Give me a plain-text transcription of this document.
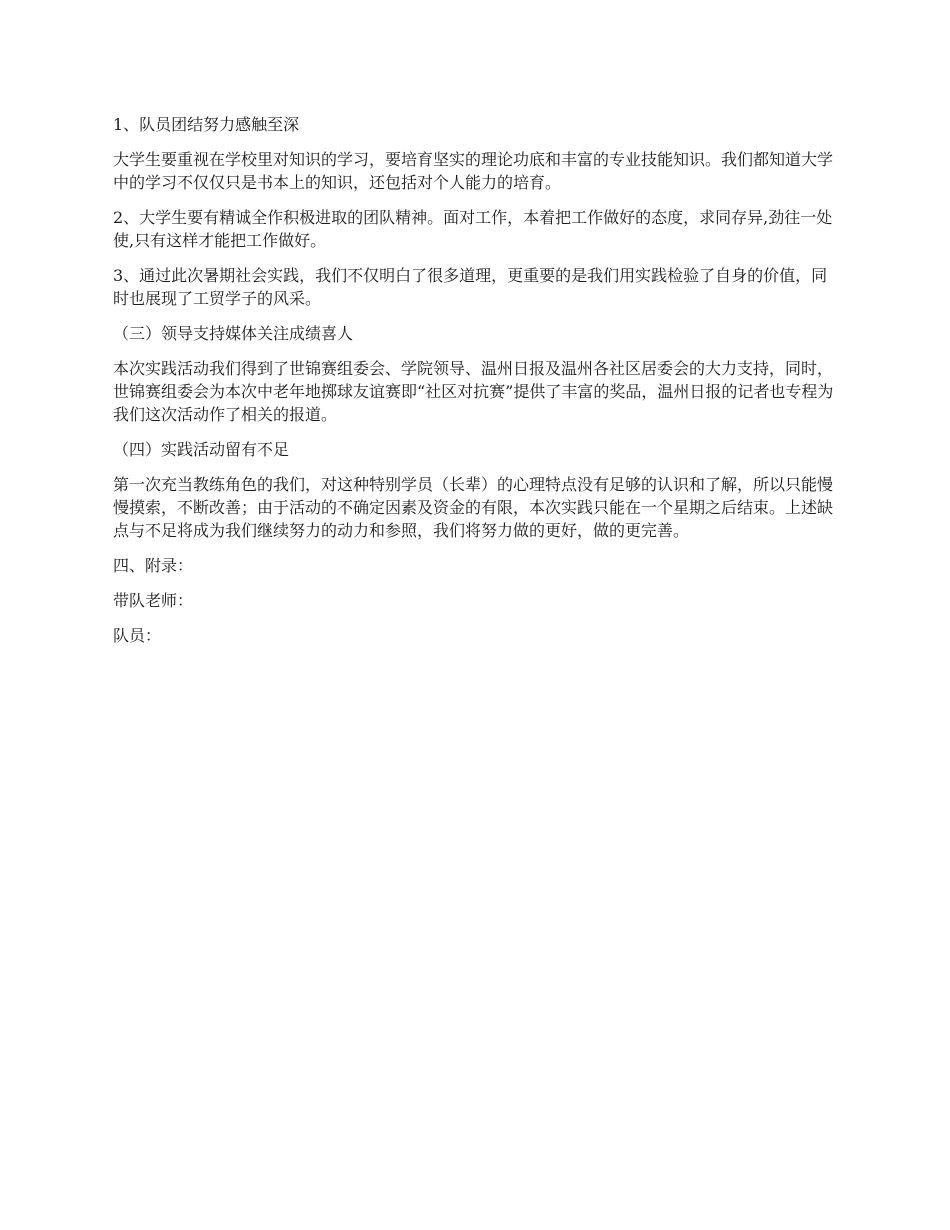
1、队员团结努力感触至深

大学生要重视在学校里对知识的学习，要培育坚实的理论功底和丰富的专业技能知识。我们都知道大学中的学习不仅仅只是书本上的知识，还包括对个人能力的培育。

2、大学生要有精诚全作积极进取的团队精神。面对工作，本着把工作做好的态度，求同存异,劲往一处使,只有这样才能把工作做好。

3、通过此次暑期社会实践，我们不仅明白了很多道理，更重要的是我们用实践检验了自身的价值，同时也展现了工贸学子的风采。

（三）领导支持媒体关注成绩喜人

本次实践活动我们得到了世锦赛组委会、学院领导、温州日报及温州各社区居委会的大力支持，同时，世锦赛组委会为本次中老年地掷球友谊赛即“社区对抗赛”提供了丰富的奖品，温州日报的记者也专程为我们这次活动作了相关的报道。

（四）实践活动留有不足

第一次充当教练角色的我们，对这种特别学员（长辈）的心理特点没有足够的认识和了解，所以只能慢慢摸索，不断改善；由于活动的不确定因素及资金的有限，本次实践只能在一个星期之后结束。上述缺点与不足将成为我们继续努力的动力和参照，我们将努力做的更好，做的更完善。

四、附录：

带队老师：

队员：
